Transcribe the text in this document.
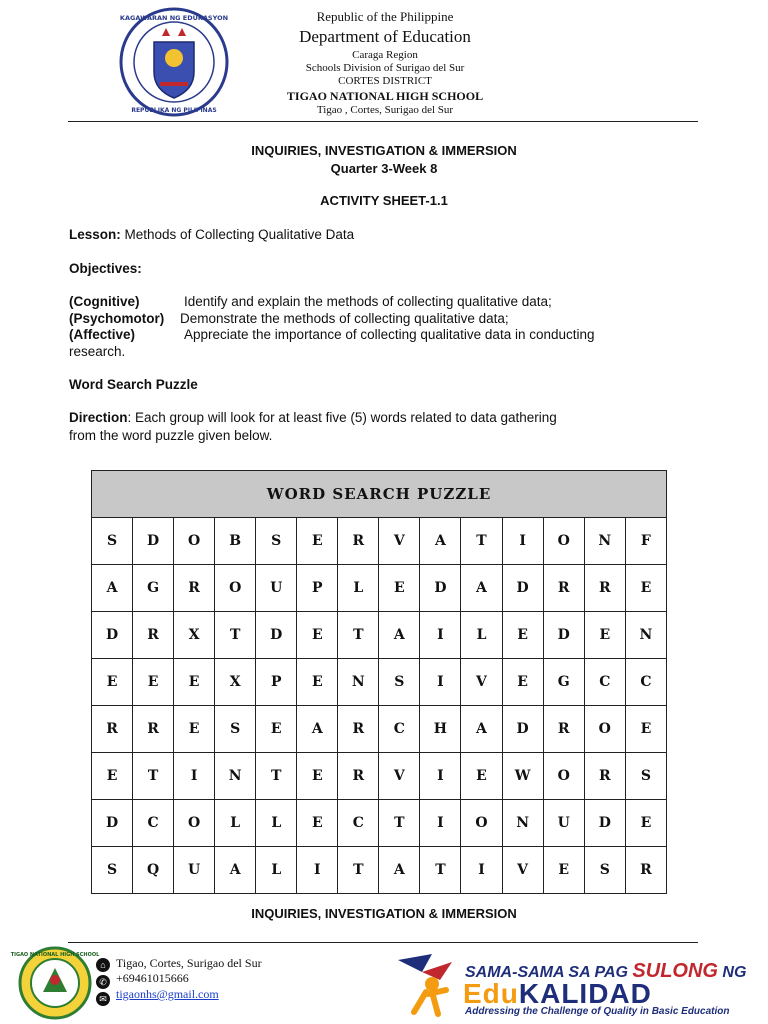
KAGAWARAN NG EDUKASYON
REPUBLIKA NG PILIPINAS
Republic of the Philippine
Department of Education
Caraga Region
Schools Division of Surigao del Sur
CORTES DISTRICT
TIGAO NATIONAL HIGH SCHOOL
Tigao , Cortes, Surigao del Sur
INQUIRIES, INVESTIGATION & IMMERSION
Quarter 3-Week 8
ACTIVITY SHEET-1.1
Lesson: Methods of Collecting Qualitative Data
Objectives:
(Cognitive)	Identify and explain the methods of collecting qualitative data;
(Psychomotor) Demonstrate the methods of collecting qualitative data;
(Affective)	Appreciate the importance of collecting qualitative data in conducting
research.
Word Search Puzzle
Direction: Each group will look for at least five (5) words related to data gathering
from the word puzzle given below.
WORD SEARCH PUZZLE
S	D	O	B	S	E	R	V	A	T	I	O	N	F
A	G	R	O	U	P	L	E	D	A	D	R	R	E
D	R	X	T	D	E	T	A	I	L	E	D	E	N
E	E	E	X	P	E	N	S	I	V	E	G	C	C
R	R	E	S	E	A	R	C	H	A	D	R	O	E
E	T	I	N	T	E	R	V	I	E	W	O	R	S
D	C	O	L	L	E	C	T	I	O	N	U	D	E
S	Q	U	A	L	I	T	A	T	I	V	E	S	R
INQUIRIES, INVESTIGATION & IMMERSION
TIGAO NATIONAL HIGH SCHOOL
⌂ Tigao, Cortes, Surigao del Sur
✆ +69461015666
✉ tigaonhs@gmail.com
SAMA-SAMA SA PAG SULONG NG
EduKALIDAD
Addressing the Challenge of Quality in Basic Education
